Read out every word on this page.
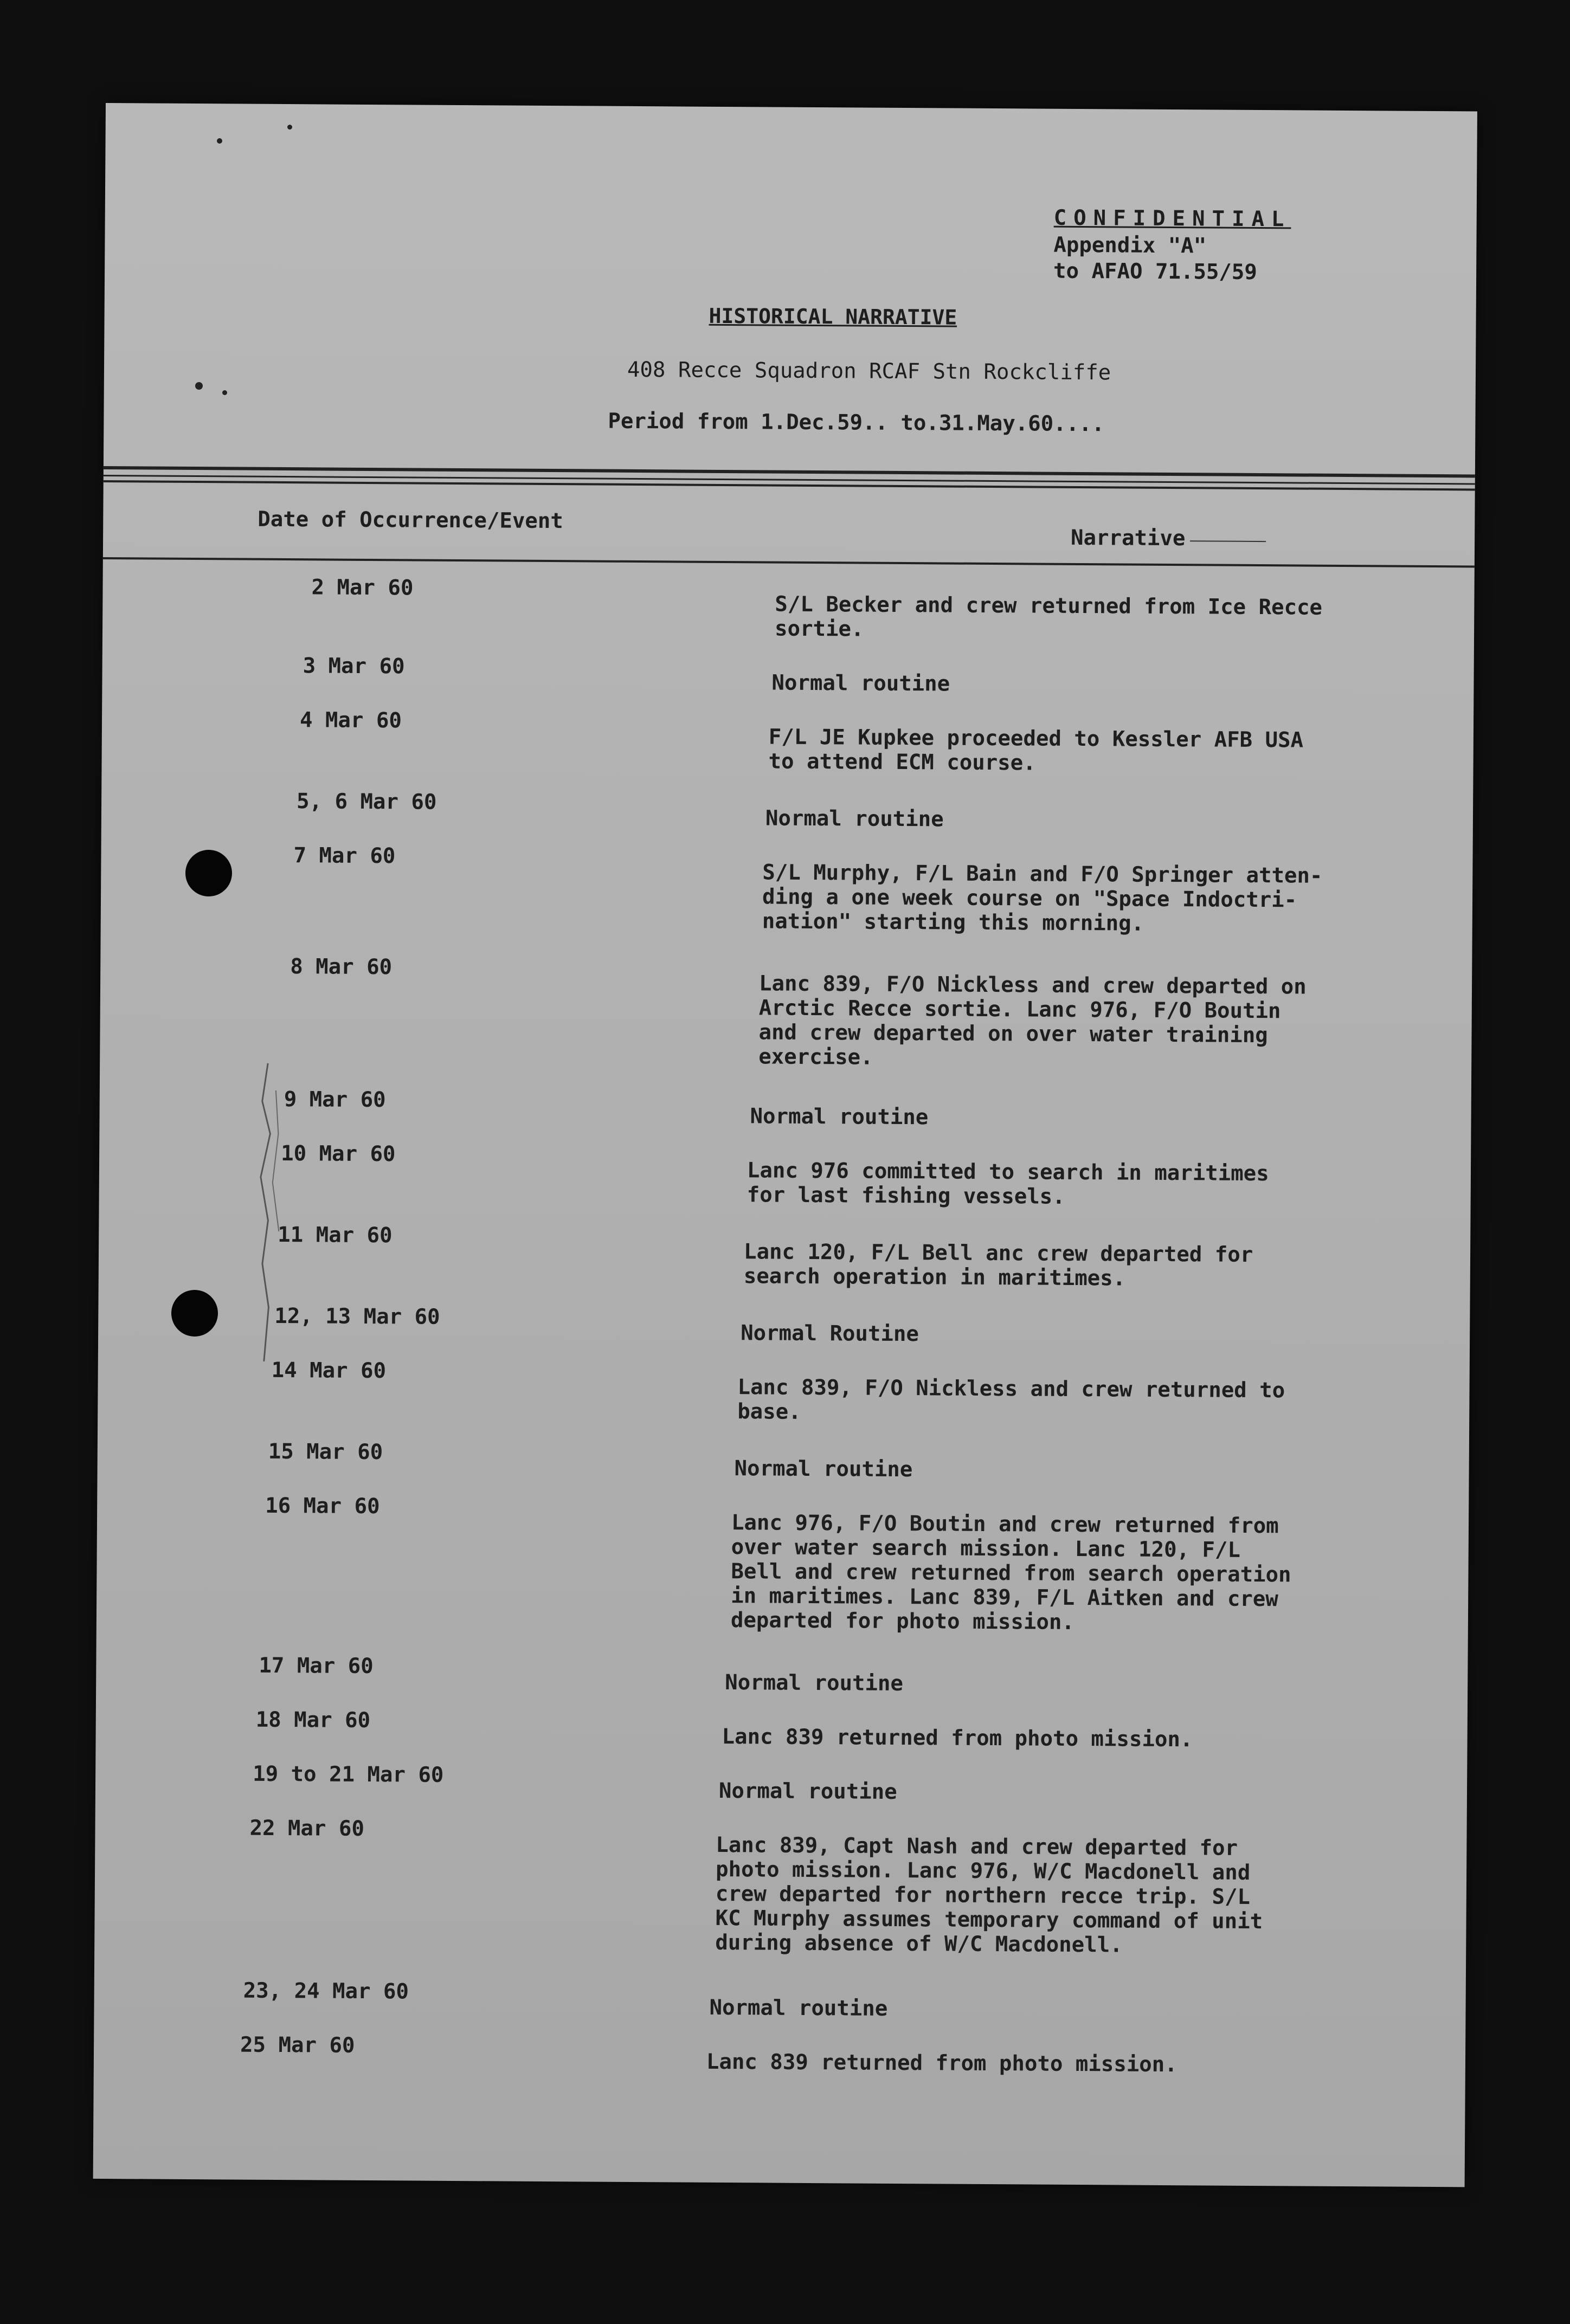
CONFIDENTIAL
Appendix "A"
to AFAO 71.55/59
HISTORICAL NARRATIVE
408 Recce Squadron RCAF Stn Rockcliffe
Period from 1.Dec.59.. to.31.May.60....
Date of Occurrence/Event
Narrative
2 Mar 60
S/L Becker and crew returned from Ice Recce
sortie.
3 Mar 60
Normal routine
4 Mar 60
F/L JE Kupkee proceeded to Kessler AFB USA
to attend ECM course.
5, 6 Mar 60
Normal routine
7 Mar 60
S/L Murphy, F/L Bain and F/O Springer atten-
ding a one week course on "Space Indoctri-
nation" starting this morning.
8 Mar 60
Lanc 839, F/O Nickless and crew departed on
Arctic Recce sortie. Lanc 976, F/O Boutin
and crew departed on over water training
exercise.
9 Mar 60
Normal routine
10 Mar 60
Lanc 976 committed to search in maritimes
for last fishing vessels.
11 Mar 60
Lanc 120, F/L Bell anc crew departed for
search operation in maritimes.
12, 13 Mar 60
Normal Routine
14 Mar 60
Lanc 839, F/O Nickless and crew returned to
base.
15 Mar 60
Normal routine
16 Mar 60
Lanc 976, F/O Boutin and crew returned from
over water search mission. Lanc 120, F/L
Bell and crew returned from search operation
in maritimes. Lanc 839, F/L Aitken and crew
departed for photo mission.
17 Mar 60
Normal routine
18 Mar 60
Lanc 839 returned from photo mission.
19 to 21 Mar 60
Normal routine
22 Mar 60
Lanc 839, Capt Nash and crew departed for
photo mission. Lanc 976, W/C Macdonell and
crew departed for northern recce trip. S/L
KC Murphy assumes temporary command of unit
during absence of W/C Macdonell.
23, 24 Mar 60
Normal routine
25 Mar 60
Lanc 839 returned from photo mission.
